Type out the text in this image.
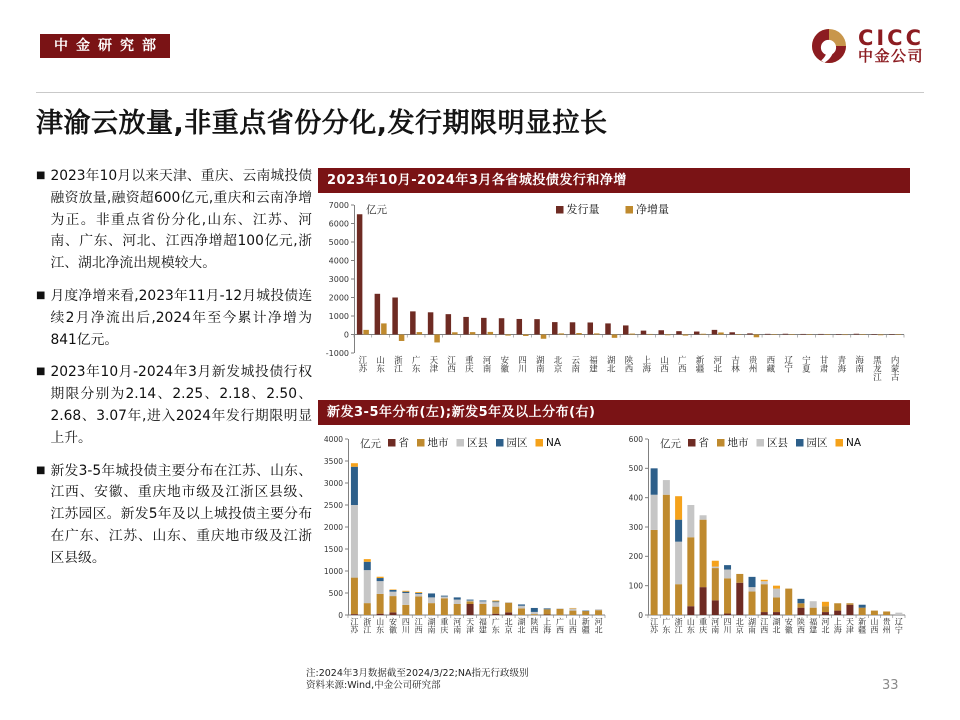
中金研究部	CICC
中金公司
津渝云放量,非重点省份分化,发行期限明显拉长
■ 2023年10月以来天津、重庆、云南城投债融资放量,融资超600亿元,重庆和云南净增为正。非重点省份分化,山东、江苏、河南、广东、河北、江西净增超100亿元,浙江、湖北净流出规模较大。
■ 月度净增来看,2023年11月-12月城投债连续2月净流出后,2024年至今累计净增为841亿元。
■ 2023年10月-2024年3月新发城投债行权期限分别为2.14、2.25、2.18、2.50、2.68、3.07年,进入2024年发行期限明显上升。
■ 新发3-5年城投债主要分布在江苏、山东、江西、安徽、重庆地市级及江浙区县级、江苏园区。新发5年及以上城投债主要分布在广东、江苏、山东、重庆地市级及江浙区县级。
2023年10月-2024年3月各省城投债发行和净增
-1000
0
1000
2000
3000
4000
5000
6000
7000
江苏
山东
浙江
广东
天津
江西
重庆
河南
安徽
四川
湖南
北京
云南
福建
湖北
陕西
上海
山西
广西
新疆
河北
吉林
贵州
西藏
辽宁
宁夏
甘肃
青海
海南
黑龙江
内蒙古
亿元	发行量	净增量
新发3-5年分布(左);新发5年及以上分布(右)
0
500
1000
1500
2000
2500
3000
3500
4000
江苏
浙江
山东
安徽
四川
江西
湖南
重庆
河南
天津
福建
广东
北京
湖北
陕西
上海
广西
山西
新疆
河北
亿元 省 地市 区县 园区 NA
0
100
200
300
400
500
600
江苏
广东
浙江
山东
重庆
河南
四川
北京
湖南
江西
湖北
安徽
陕西
福建
河北
上海
天津
新疆
山西
贵州
辽宁
亿元 省 地市 区县 园区 NA
注:2024年3月数据截至2024/3/22;NA指无行政级别
资料来源:Wind,中金公司研究部	33
